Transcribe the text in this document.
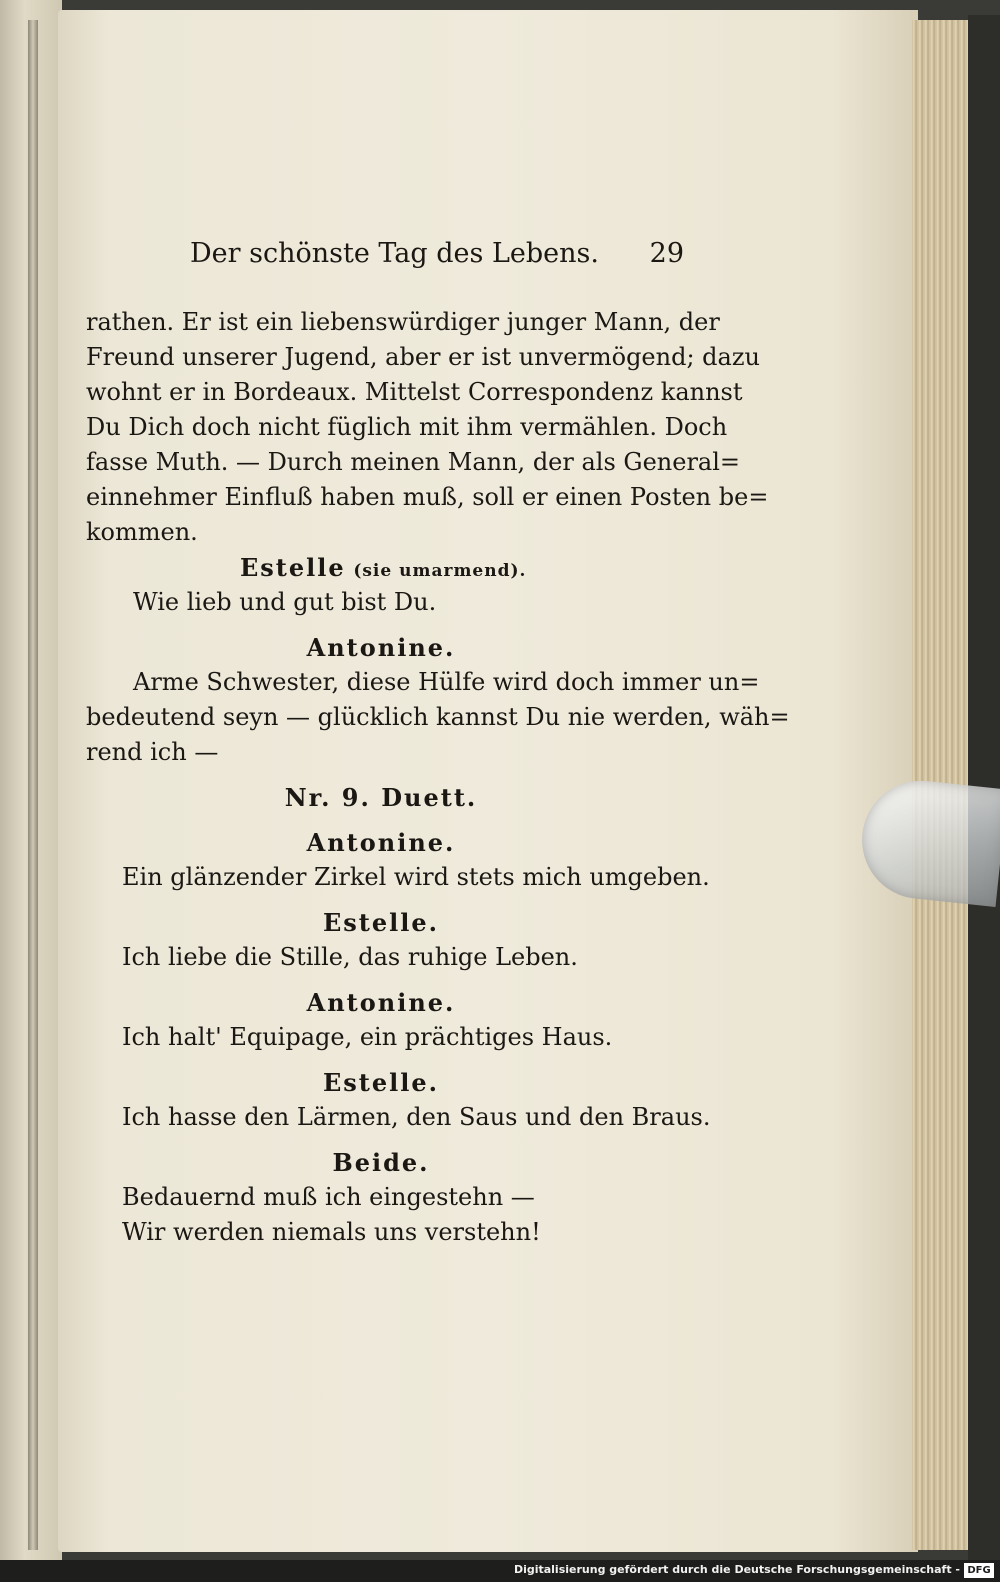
Der schönste Tag des Lebens. 29
rathen. Er ist ein liebenswürdiger junger Mann, der
Freund unserer Jugend, aber er ist unvermögend; dazu
wohnt er in Bordeaux. Mittelst Correspondenz kannst
Du Dich doch nicht füglich mit ihm vermählen. Doch
fasse Muth. — Durch meinen Mann, der als General=
einnehmer Einfluß haben muß, soll er einen Posten be=
kommen.
Estelle (sie umarmend).
Wie lieb und gut bist Du.
Antonine.
Arme Schwester, diese Hülfe wird doch immer un=
bedeutend seyn — glücklich kannst Du nie werden, wäh=
rend ich —
Nr. 9. Duett.
Antonine.
Ein glänzender Zirkel wird stets mich umgeben.
Estelle.
Ich liebe die Stille, das ruhige Leben.
Antonine.
Ich halt' Equipage, ein prächtiges Haus.
Estelle.
Ich hasse den Lärmen, den Saus und den Braus.
Beide.
Bedauernd muß ich eingestehn —
Wir werden niemals uns verstehn!
Digitalisierung gefördert durch die Deutsche Forschungsgemeinschaft - DFG
